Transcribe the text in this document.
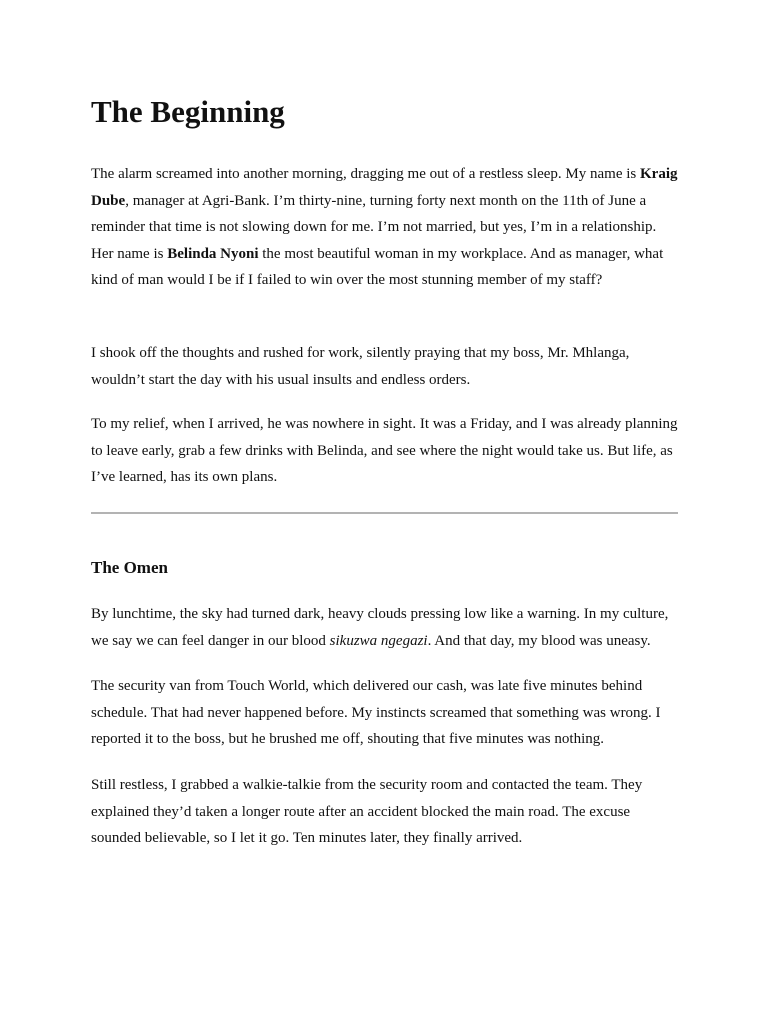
The Beginning

The alarm screamed into another morning, dragging me out of a restless sleep. My name is Kraig Dube, manager at Agri-Bank. I’m thirty-nine, turning forty next month on the 11th of June a reminder that time is not slowing down for me. I’m not married, but yes, I’m in a relationship. Her name is Belinda Nyoni the most beautiful woman in my workplace. And as manager, what kind of man would I be if I failed to win over the most stunning member of my staff?

I shook off the thoughts and rushed for work, silently praying that my boss, Mr. Mhlanga, wouldn’t start the day with his usual insults and endless orders.

To my relief, when I arrived, he was nowhere in sight. It was a Friday, and I was already planning to leave early, grab a few drinks with Belinda, and see where the night would take us. But life, as I’ve learned, has its own plans.

The Omen

By lunchtime, the sky had turned dark, heavy clouds pressing low like a warning. In my culture, we say we can feel danger in our blood sikuzwa ngegazi. And that day, my blood was uneasy.

The security van from Touch World, which delivered our cash, was late five minutes behind schedule. That had never happened before. My instincts screamed that something was wrong. I reported it to the boss, but he brushed me off, shouting that five minutes was nothing.

Still restless, I grabbed a walkie-talkie from the security room and contacted the team. They explained they’d taken a longer route after an accident blocked the main road. The excuse sounded believable, so I let it go. Ten minutes later, they finally arrived.
